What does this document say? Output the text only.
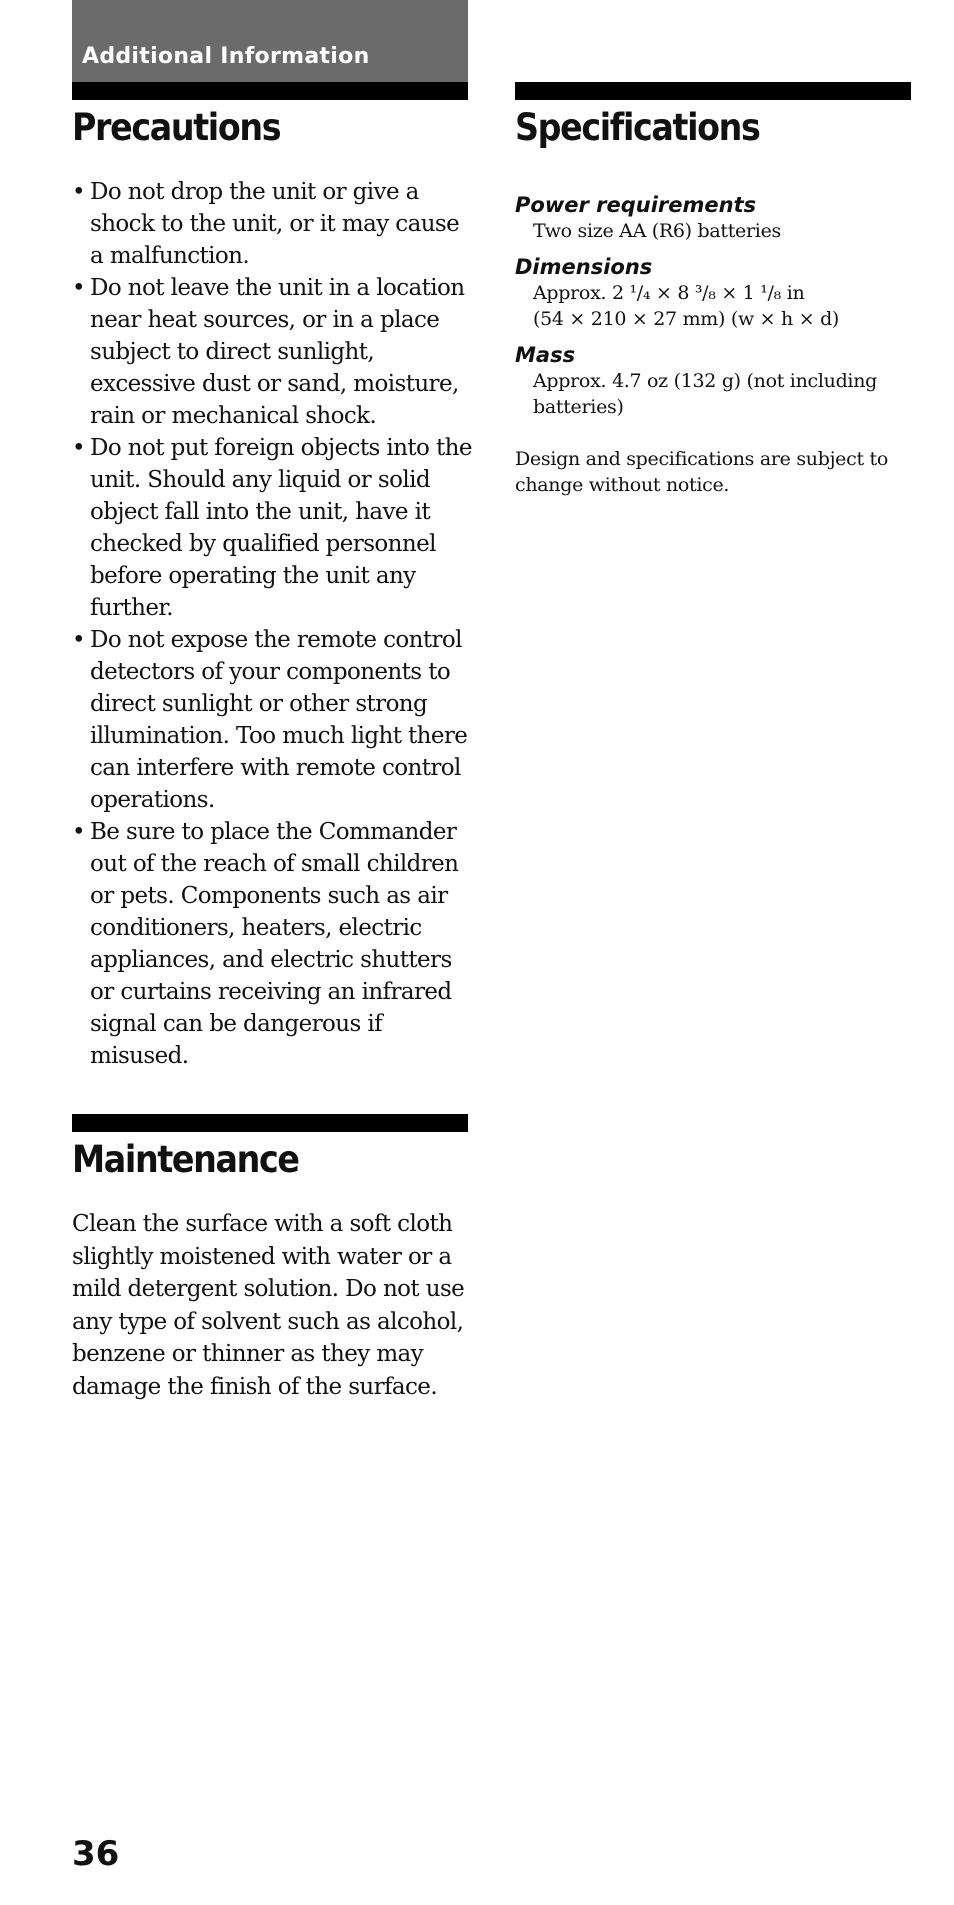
Additional Information
Precautions
• Do not drop the unit or give a shock to the unit, or it may cause a malfunction.
• Do not leave the unit in a location near heat sources, or in a place subject to direct sunlight, excessive dust or sand, moisture, rain or mechanical shock.
• Do not put foreign objects into the unit. Should any liquid or solid object fall into the unit, have it checked by qualified personnel before operating the unit any further.
• Do not expose the remote control detectors of your components to direct sunlight or other strong illumination. Too much light there can interfere with remote control operations.
• Be sure to place the Commander out of the reach of small children or pets. Components such as air conditioners, heaters, electric appliances, and electric shutters or curtains receiving an infrared signal can be dangerous if misused.
Maintenance

Clean the surface with a soft cloth slightly moistened with water or a mild detergent solution. Do not use any type of solvent such as alcohol, benzene or thinner as they may damage the finish of the surface.

Specifications

Power requirements

Two size AA (R6) batteries

Dimensions

Approx. 2 ¹/₄ × 8 ³/₈ × 1 ¹/₈ in
(54 × 210 × 27 mm) (w × h × d)

Mass

Approx. 4.7 oz (132 g) (not including batteries)

Design and specifications are subject to change without notice.

36
